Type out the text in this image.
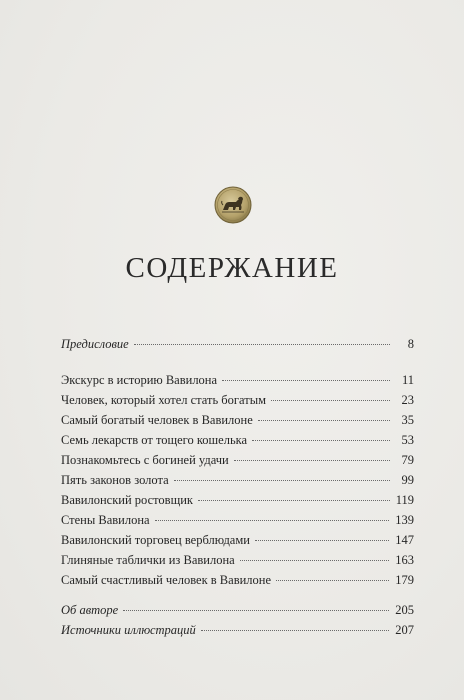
СОДЕРЖАНИЕ
Предисловие	8
Экскурс в историю Вавилона	11
Человек, который хотел стать богатым	23
Самый богатый человек в Вавилоне	35
Семь лекарств от тощего кошелька	53
Познакомьтесь с богиней удачи	79
Пять законов золота	99
Вавилонский ростовщик	119
Стены Вавилона	139
Вавилонский торговец верблюдами	147
Глиняные таблички из Вавилона	163
Самый счастливый человек в Вавилоне	179
Об авторе	205
Источники иллюстраций	207
